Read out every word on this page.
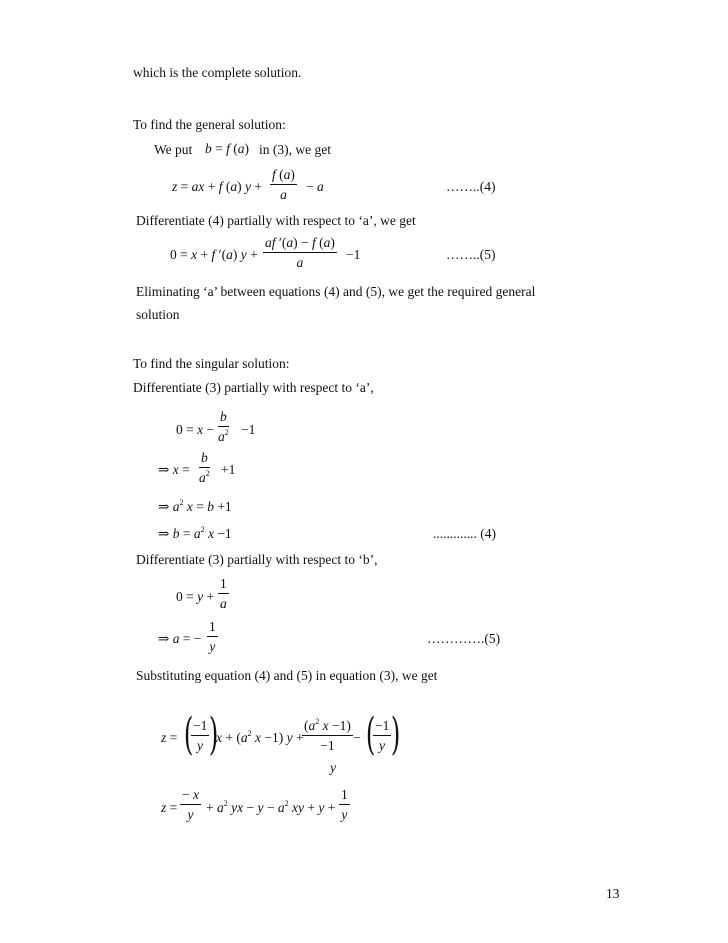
which is the complete solution.
To find the general solution:
We put b = f (a) in (3), we get
z = ax + f (a) $y + \frac{f (a)}{a} - a$	……..(4)
Differentiate (4) partially with respect to ‘a’, we get
0 = x + f ′(a) $y + \frac{af '(a) - f (a)}{a} -1$	……..(5)
Eliminating ‘a’ between equations (4) and (5), we get the required general
solution
To find the singular solution:
Differentiate (3) partially with respect to ‘a’,
$0 = x - \frac{b}{a^2} -1$
⇒ $x = \frac{b}{a^2} +1$
⇒ $a^2$ x = b +1
⇒ $b = a^2$ x −1	............. (4)
Differentiate (3) partially with respect to ‘b’,
$0 = y + \frac{1}{a}$
⇒ a = − $\frac{1}{y}$	………….(5)
Substituting equation (4) and (5) in equation (3), we get
z = (
$\frac{-1}{y}$ )
$x + (a^2$ x −1) y +
$\frac{(a^2 x -1)}{-1}$
y
− (
$\frac{-1}{y}$ )
$z = \frac{- x}{y} + a^2$ yx − $y - a^2$ xy + $y + \frac{1}{y}$
13
